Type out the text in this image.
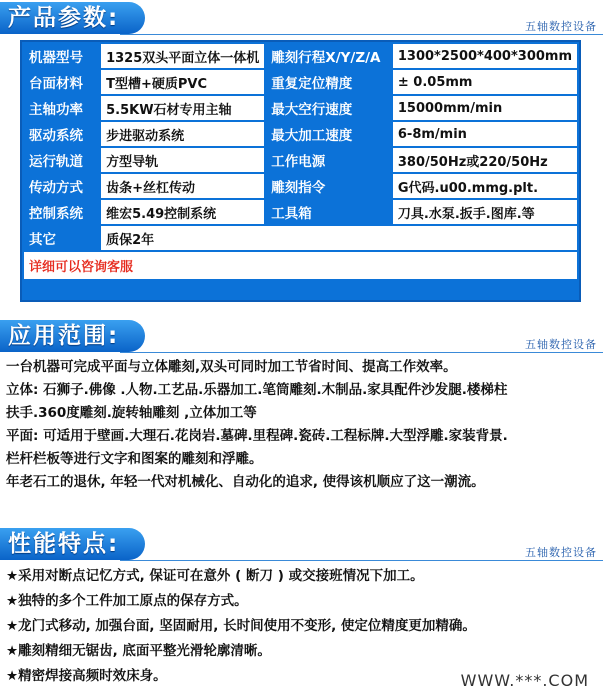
产品参数:	五轴数控设备
机器型号	1325双头平面立体一体机	雕刻行程X/Y/Z/A	1300*2500*400*300mm
台面材料	T型槽+硬质PVC	重复定位精度	± 0.05mm
主轴功率	5.5KW石材专用主轴	最大空行速度	15000mm/min
驱动系统	步进驱动系统	最大加工速度	6-8m/min
运行轨道	方型导轨	工作电源	380/50Hz或220/50Hz
传动方式	齿条+丝杠传动	雕刻指令	G代码.u00.mmg.plt.
控制系统	维宏5.49控制系统	工具箱	刀具.水泵.扳手.图库.等
其它	质保2年		
详细可以咨询客服
应用范围:	五轴数控设备
一台机器可完成平面与立体雕刻,双头可同时加工节省时间、提高工作效率。
立体: 石狮子.佛像 .人物.工艺品.乐器加工.笔筒雕刻.木制品.家具配件沙发腿.楼梯柱
扶手.360度雕刻.旋转轴雕刻 ,立体加工等
平面: 可适用于壁画.大理石.花岗岩.墓碑.里程碑.瓷砖.工程标牌.大型浮雕.家装背景.
栏杆栏板等进行文字和图案的雕刻和浮雕。
年老石工的退休, 年轻一代对机械化、自动化的追求, 使得该机顺应了这一潮流。
性能特点:	五轴数控设备
★采用对断点记忆方式, 保证可在意外 ( 断刀 ) 或交接班情况下加工。
★独特的多个工件加工原点的保存方式。
★龙门式移动, 加强台面, 坚固耐用, 长时间使用不变形, 使定位精度更加精确。
★雕刻精细无锯齿, 底面平整光滑轮廓清晰。
★精密焊接高频时效床身。	WWW.***.COM
